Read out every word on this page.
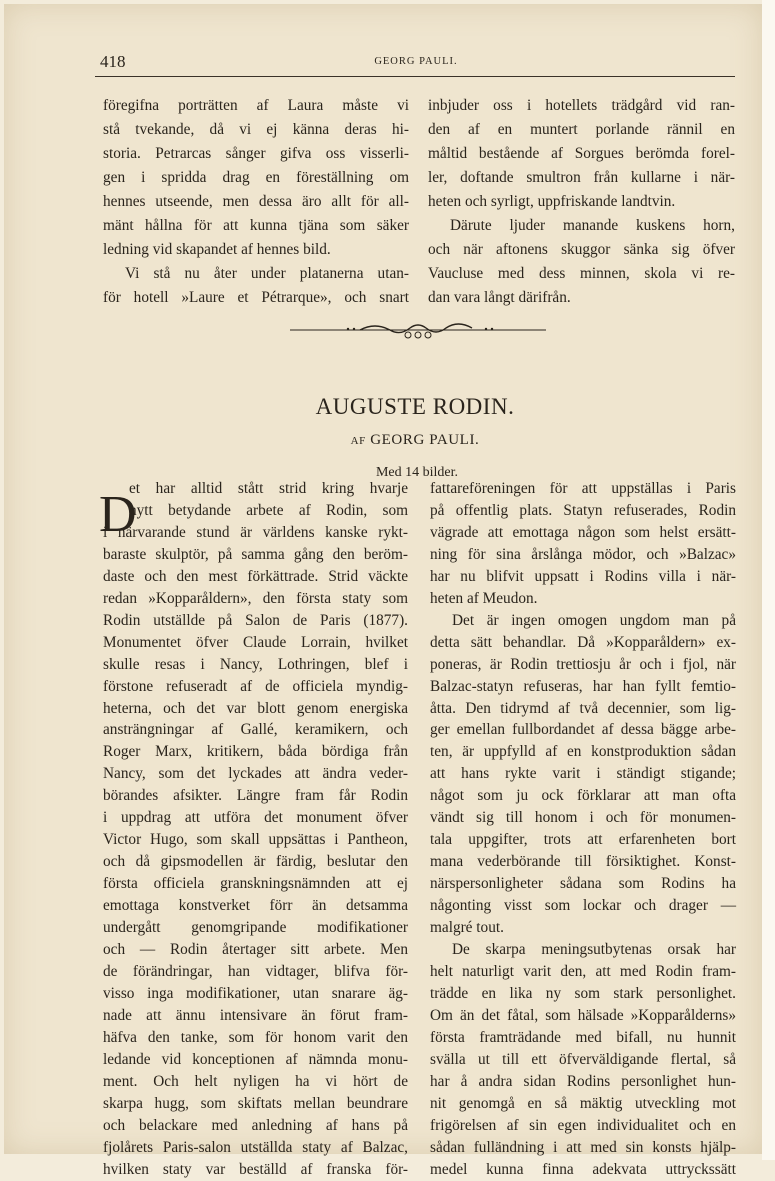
418	GEORG PAULI.
föregifna porträtten af Laura måste vi
stå tvekande, då vi ej känna deras hi-
storia. Petrarcas sånger gifva oss visserli-
gen i spridda drag en föreställning om
hennes utseende, men dessa äro allt för all-
mänt hållna för att kunna tjäna som säker
ledning vid skapandet af hennes bild.
Vi stå nu åter under platanerna utan-
för hotell »Laure et Pétrarque», och snart
inbjuder oss i hotellets trädgård vid ran-
den af en muntert porlande rännil en
måltid bestående af Sorgues berömda forel-
ler, doftande smultron från kullarne i när-
heten och syrligt, uppfriskande landtvin.
Därute ljuder manande kuskens horn,
och när aftonens skuggor sänka sig öfver
Vaucluse med dess minnen, skola vi re-
dan vara långt därifrån.
AUGUSTE RODIN.
AF GEORG PAULI.
Med 14 bilder.
D
et har alltid stått strid kring hvarje
nytt betydande arbete af Rodin, som
i närvarande stund är världens kanske rykt-
baraste skulptör, på samma gång den beröm-
daste och den mest förkättrade. Strid väckte
redan »Kopparåldern», den första staty som
Rodin utställde på Salon de Paris (1877).
Monumentet öfver Claude Lorrain, hvilket
skulle resas i Nancy, Lothringen, blef i
förstone refuseradt af de officiela myndig-
heterna, och det var blott genom energiska
ansträngningar af Gallé, keramikern, och
Roger Marx, kritikern, båda bördiga från
Nancy, som det lyckades att ändra veder-
börandes afsikter. Längre fram får Rodin
i uppdrag att utföra det monument öfver
Victor Hugo, som skall uppsättas i Pantheon,
och då gipsmodellen är färdig, beslutar den
första officiela granskningsnämnden att ej
emottaga konstverket förr än detsamma
undergått genomgripande modifikationer
och — Rodin återtager sitt arbete. Men
de förändringar, han vidtager, blifva för-
visso inga modifikationer, utan snarare äg-
nade att ännu intensivare än förut fram-
häfva den tanke, som för honom varit den
ledande vid konceptionen af nämnda monu-
ment. Och helt nyligen ha vi hört de
skarpa hugg, som skiftats mellan beundrare
och belackare med anledning af hans på
fjolårets Paris-salon utställda staty af Balzac,
hvilken staty var beställd af franska för-
fattareföreningen för att uppställas i Paris
på offentlig plats. Statyn refuserades, Rodin
vägrade att emottaga någon som helst ersätt-
ning för sina årslånga mödor, och »Balzac»
har nu blifvit uppsatt i Rodins villa i när-
heten af Meudon.
Det är ingen omogen ungdom man på
detta sätt behandlar. Då »Kopparåldern» ex-
poneras, är Rodin trettiosju år och i fjol, när
Balzac-statyn refuseras, har han fyllt femtio-
åtta. Den tidrymd af två decennier, som lig-
ger emellan fullbordandet af dessa bägge arbe-
ten, är uppfylld af en konstproduktion sådan
att hans rykte varit i ständigt stigande;
något som ju ock förklarar att man ofta
vändt sig till honom i och för monumen-
tala uppgifter, trots att erfarenheten bort
mana vederbörande till försiktighet. Konst-
närspersonligheter sådana som Rodins ha
någonting visst som lockar och drager —
malgré tout.
De skarpa meningsutbytenas orsak har
helt naturligt varit den, att med Rodin fram-
trädde en lika ny som stark personlighet.
Om än det fåtal, som hälsade »Kopparålderns»
första framträdande med bifall, nu hunnit
svälla ut till ett öfverväldigande flertal, så
har å andra sidan Rodins personlighet hun-
nit genomgå en så mäktig utveckling mot
frigörelsen af sin egen individualitet och en
sådan fulländning i att med sin konsts hjälp-
medel kunna finna adekvata uttryckssätt
